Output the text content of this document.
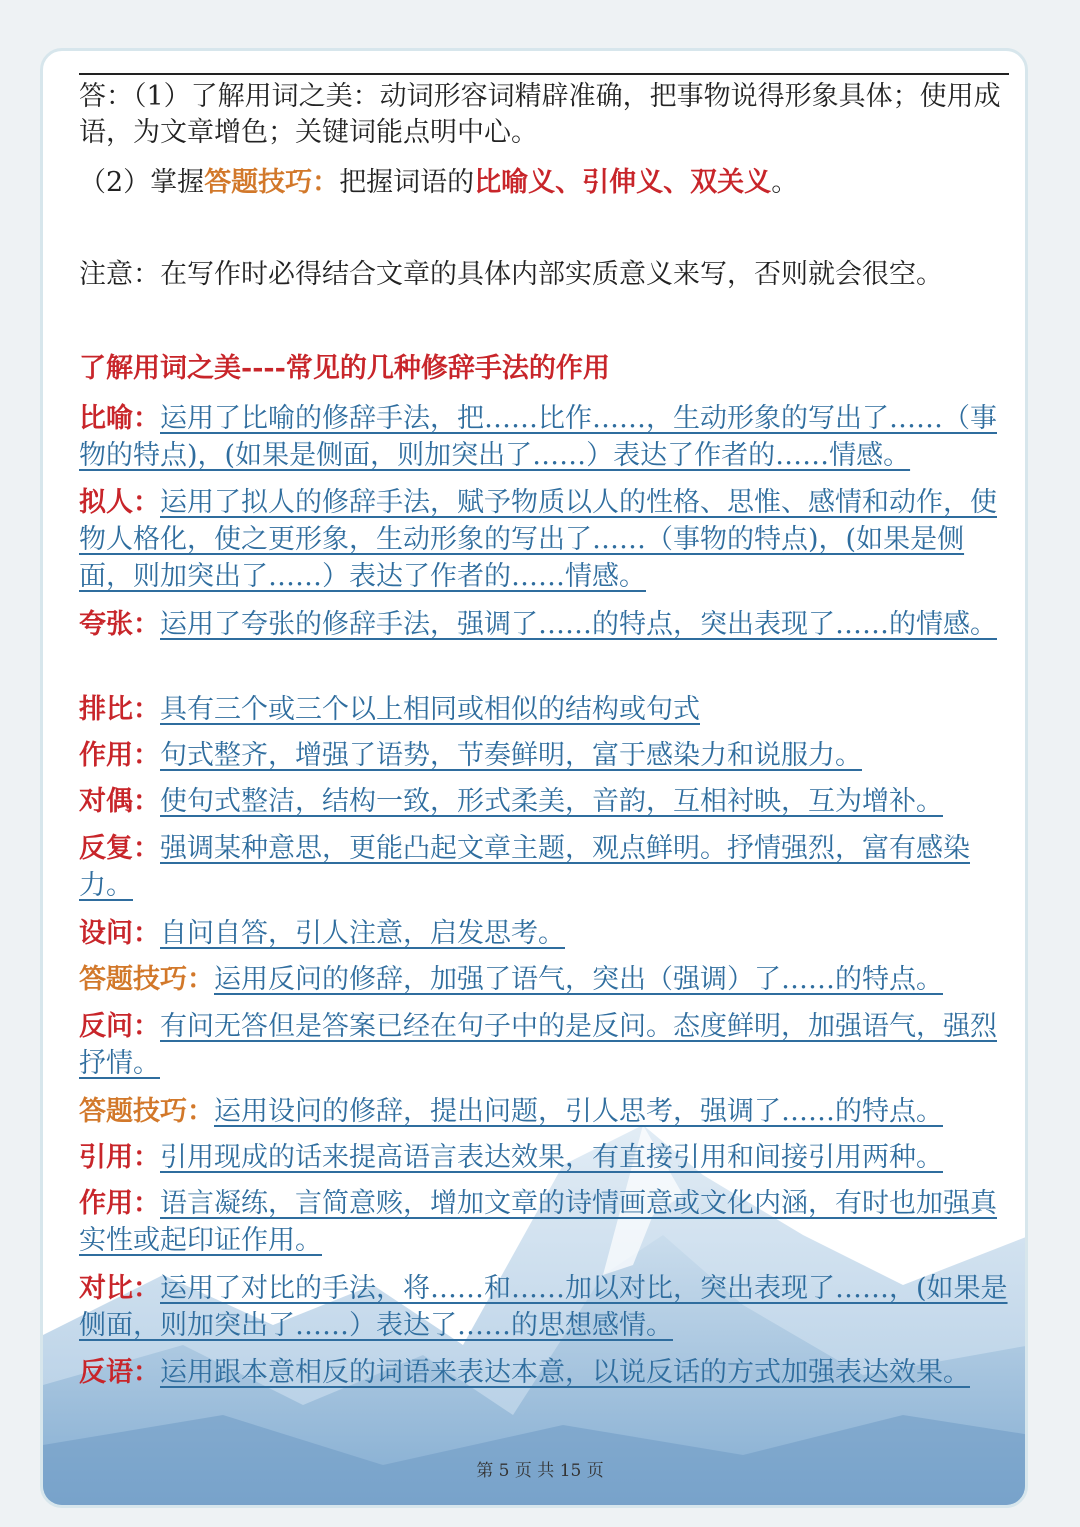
答：（1）了解用词之美：动词形容词精辟准确，把事物说得形象具体；使用成语，为文章增色；关键词能点明中心。
（2）掌握答题技巧：把握词语的比喻义、引伸义、双关义。
注意：在写作时必得结合文章的具体内部实质意义来写，否则就会很空。
了解用词之美----常见的几种修辞手法的作用
比喻：运用了比喻的修辞手法，把……比作……，生动形象的写出了……（事物的特点)，(如果是侧面，则加突出了……）表达了作者的……情感。
拟人：运用了拟人的修辞手法，赋予物质以人的性格、思惟、感情和动作，使物人格化，使之更形象，生动形象的写出了……（事物的特点)，(如果是侧面，则加突出了……）表达了作者的……情感。
夸张：运用了夸张的修辞手法，强调了……的特点，突出表现了……的情感。
排比：具有三个或三个以上相同或相似的结构或句式
作用：句式整齐，增强了语势，节奏鲜明，富于感染力和说服力。
对偶：使句式整洁，结构一致，形式柔美，音韵，互相衬映，互为增补。
反复：强调某种意思，更能凸起文章主题，观点鲜明。抒情强烈，富有感染力。
设问：自问自答，引人注意，启发思考。
答题技巧：运用反问的修辞，加强了语气，突出（强调）了……的特点。
反问：有问无答但是答案已经在句子中的是反问。态度鲜明，加强语气，强烈抒情。
答题技巧：运用设问的修辞，提出问题，引人思考，强调了……的特点。
引用：引用现成的话来提高语言表达效果，有直接引用和间接引用两种。
作用：语言凝练，言简意赅，增加文章的诗情画意或文化内涵，有时也加强真实性或起印证作用。
对比：运用了对比的手法，将……和……加以对比，突出表现了……，(如果是侧面，则加突出了……）表达了……的思想感情。
反语：运用跟本意相反的词语来表达本意，以说反话的方式加强表达效果。
第 5 页 共 15 页
